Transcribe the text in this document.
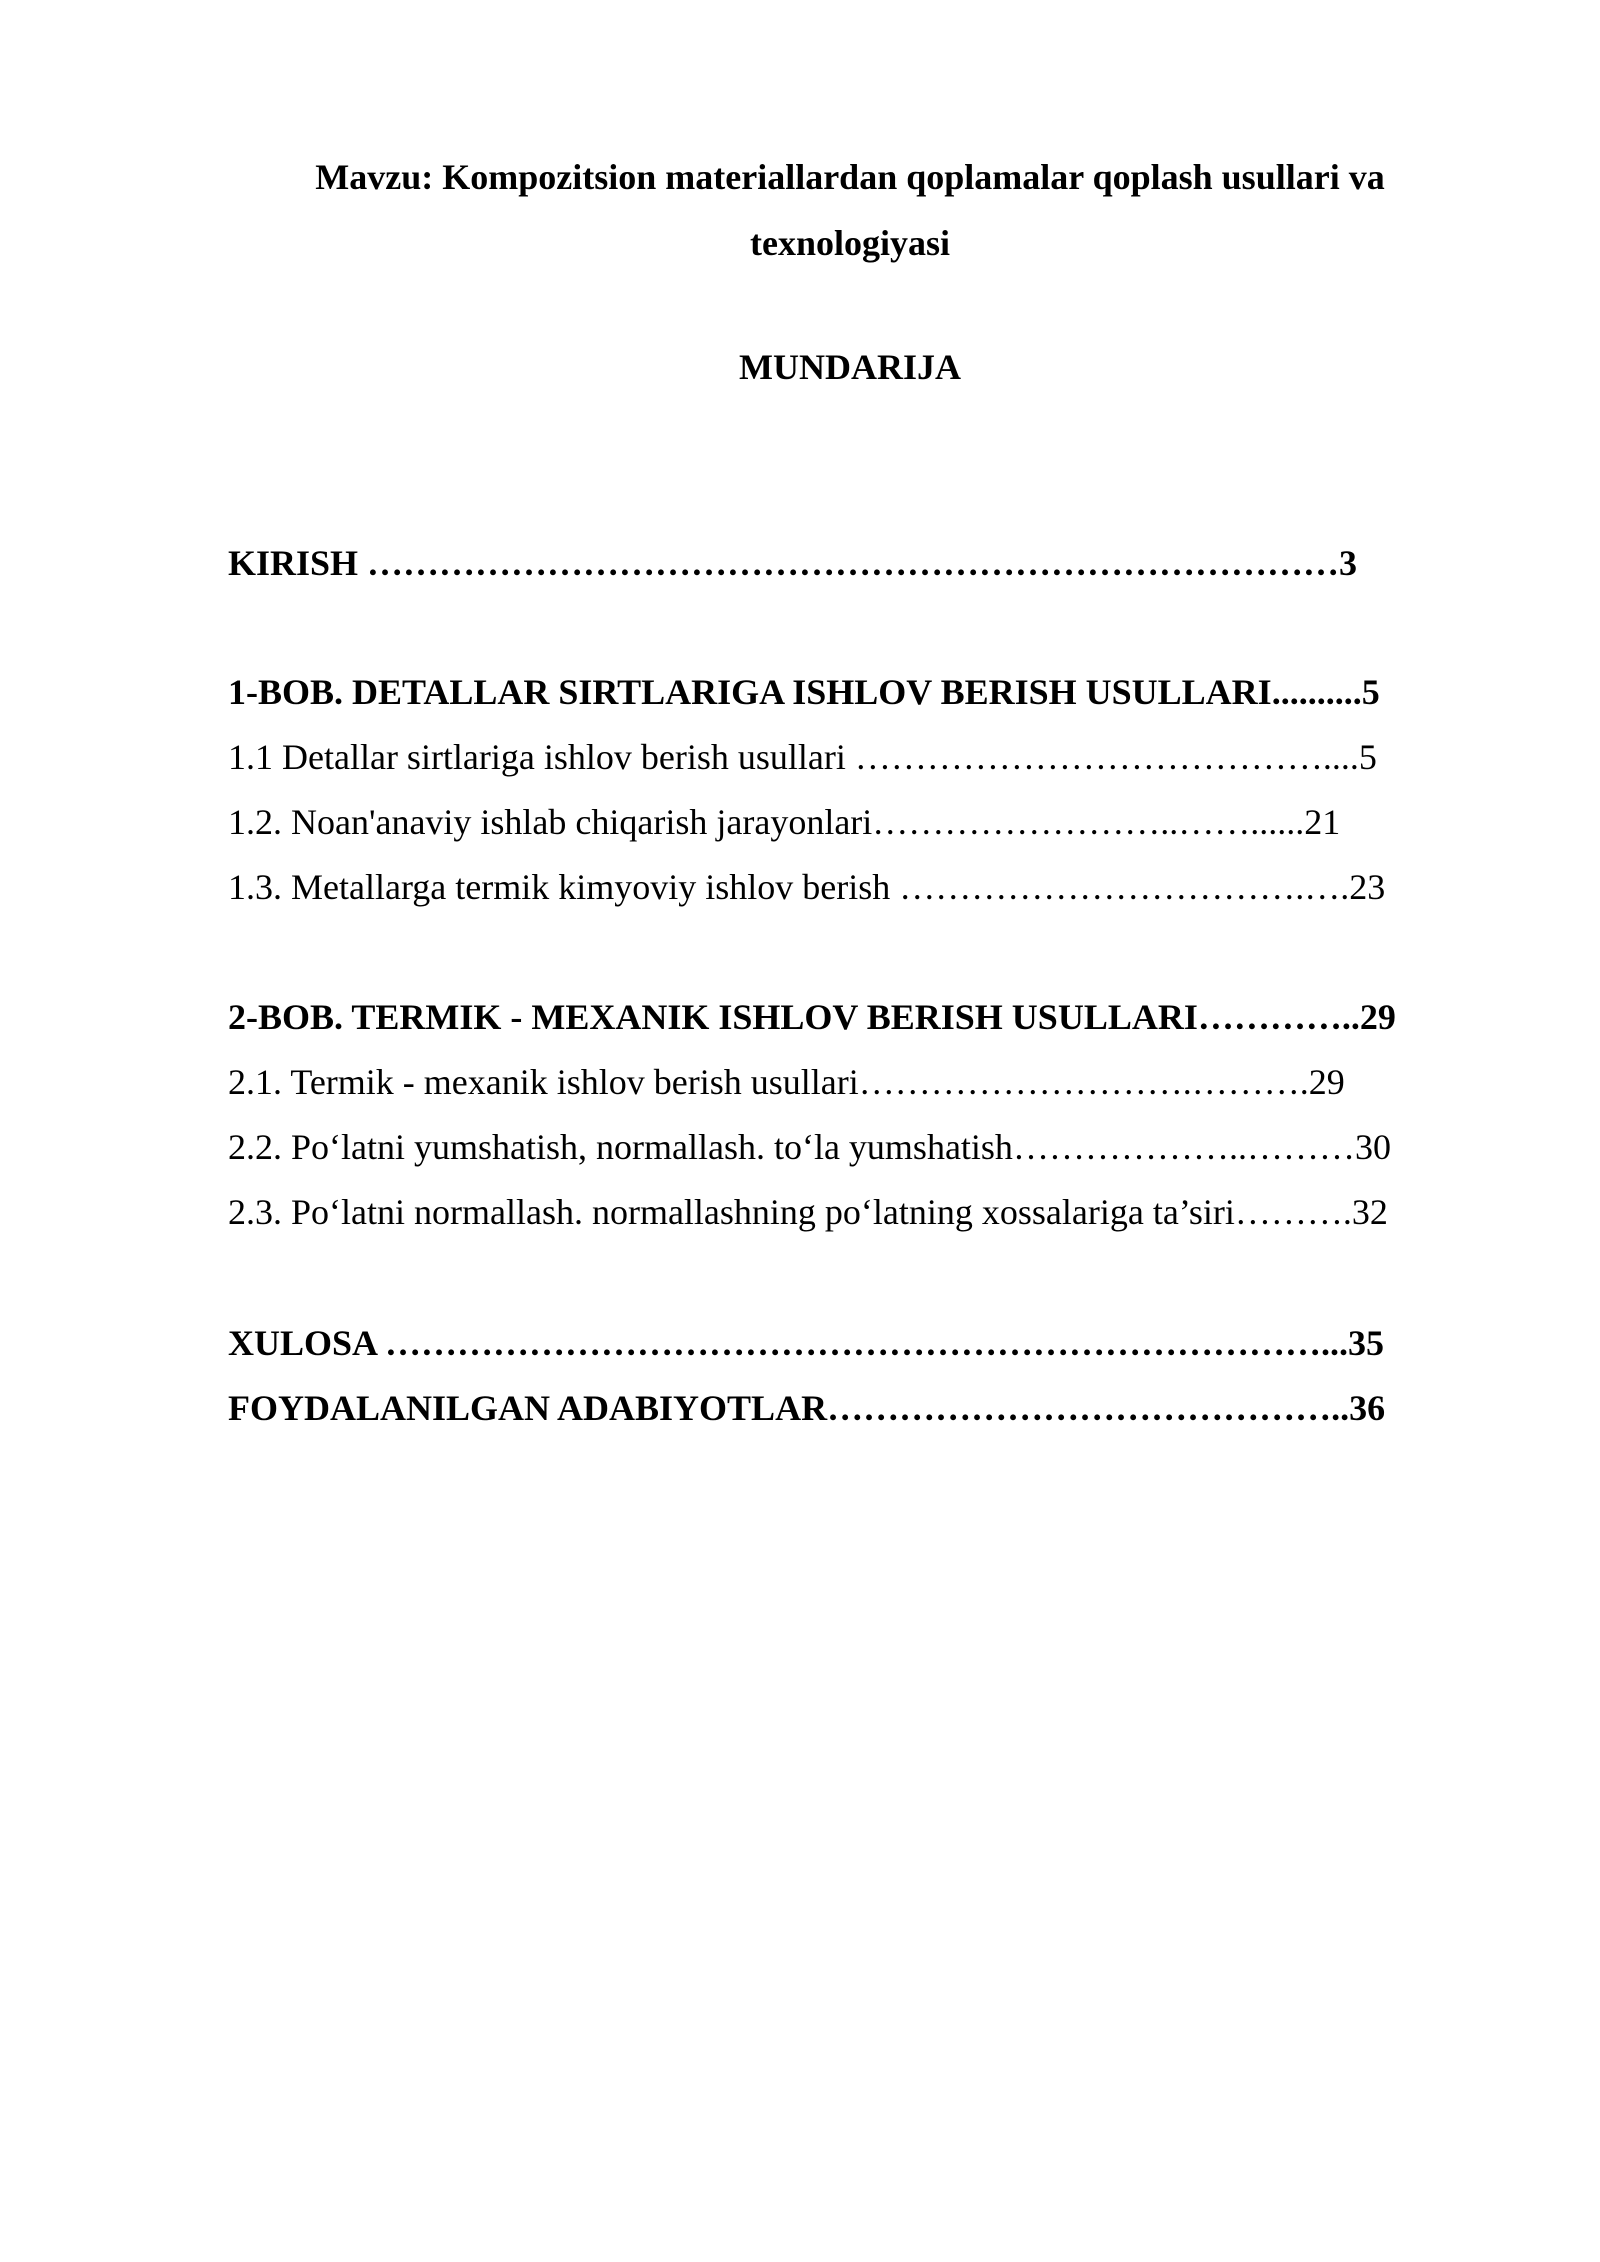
Mavzu: Kompozitsion materiallardan qoplamalar qoplash usullari va texnologiyasi
MUNDARIJA
KIRISH ………………………………………………………………………3
1-BOB. DETALLAR SIRTLARIGA ISHLOV BERISH USULLARI..........5
1.1 Detallar sirtlariga ishlov berish usullari …………………………………....5
1.2. Noan'anaviy ishlab chiqarish jarayonlari……………………..……......21
1.3. Metallarga termik kimyoviy ishlov berish …………………………….….23
2-BOB. TERMIK - MEXANIK ISHLOV BERISH USULLARI…………..29
2.1. Termik - mexanik ishlov berish usullari……………………….……….29
2.2. Po‘latni yumshatish, normallash. to‘la yumshatish………………..………30
2.3. Po‘latni normallash. normallashning po‘latning xossalariga ta’siri……….32
XULOSA ……………………………………………………………………...35
FOYDALANILGAN ADABIYOTLAR……………………………………..36
